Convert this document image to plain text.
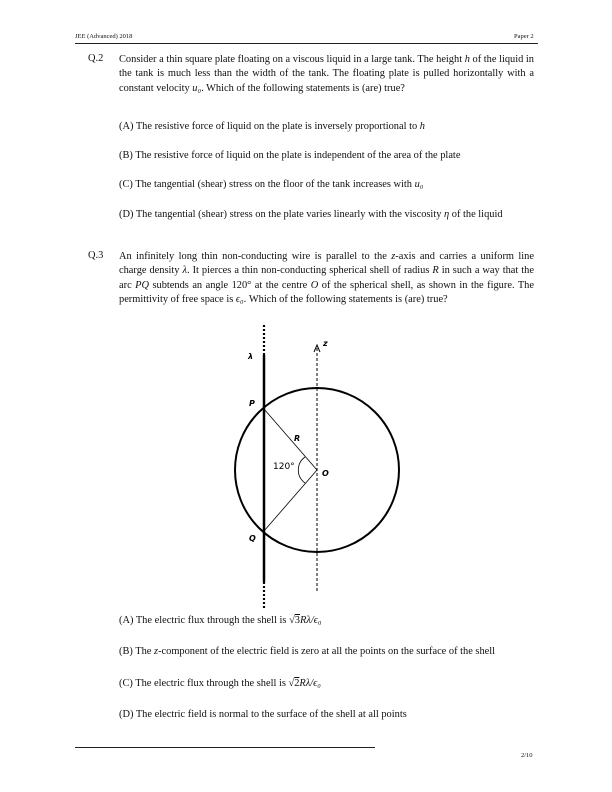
JEE (Advanced) 2018	Paper 2
Q.2 Consider a thin square plate floating on a viscous liquid in a large tank. The height h of the liquid in the tank is much less than the width of the tank. The floating plate is pulled horizontally with a constant velocity u₀. Which of the following statements is (are) true?
(A) The resistive force of liquid on the plate is inversely proportional to h
(B) The resistive force of liquid on the plate is independent of the area of the plate
(C) The tangential (shear) stress on the floor of the tank increases with u₀
(D) The tangential (shear) stress on the plate varies linearly with the viscosity η of the liquid
Q.3 An infinitely long thin non-conducting wire is parallel to the z-axis and carries a uniform line charge density λ. It pierces a thin non-conducting spherical shell of radius R in such a way that the arc PQ subtends an angle 120° at the centre O of the spherical shell, as shown in the figure. The permittivity of free space is ϵ₀. Which of the following statements is (are) true?
λ
z
P
Q
R
120°
O
(A) The electric flux through the shell is √3Rλ/ϵ₀
(B) The z-component of the electric field is zero at all the points on the surface of the shell
(C) The electric flux through the shell is √2Rλ/ϵ₀
(D) The electric field is normal to the surface of the shell at all points
2/10
